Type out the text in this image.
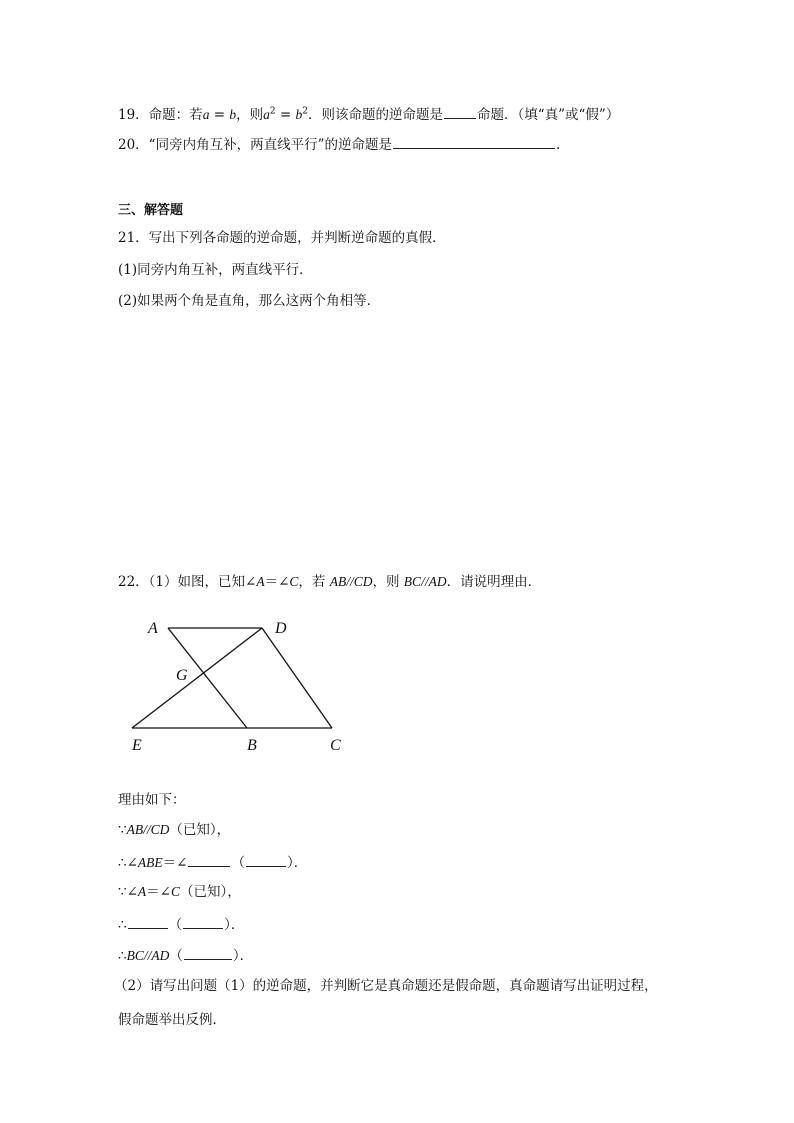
19．命题：若a = b，则$a^2 = b^2$．则该命题的逆命题是	命题．（填“真”或“假”）
20．“同旁内角互补，两直线平行”的逆命题是	.
三、解答题
21．写出下列各命题的逆命题，并判断逆命题的真假．
(1)同旁内角互补，两直线平行．
(2)如果两个角是直角，那么这两个角相等．
22．（1）如图，已知∠A＝∠C，若 AB//CD，则 BC//AD．请说明理由．
A	D
G
E	B	C
理由如下：
∵AB//CD（已知），
∴∠ABE＝∠	（	）．
∵∠A＝∠C（已知），
∴	（	）．
∴BC//AD（	）．
（2）请写出问题（1）的逆命题，并判断它是真命题还是假命题，真命题请写出证明过程，
假命题举出反例．
